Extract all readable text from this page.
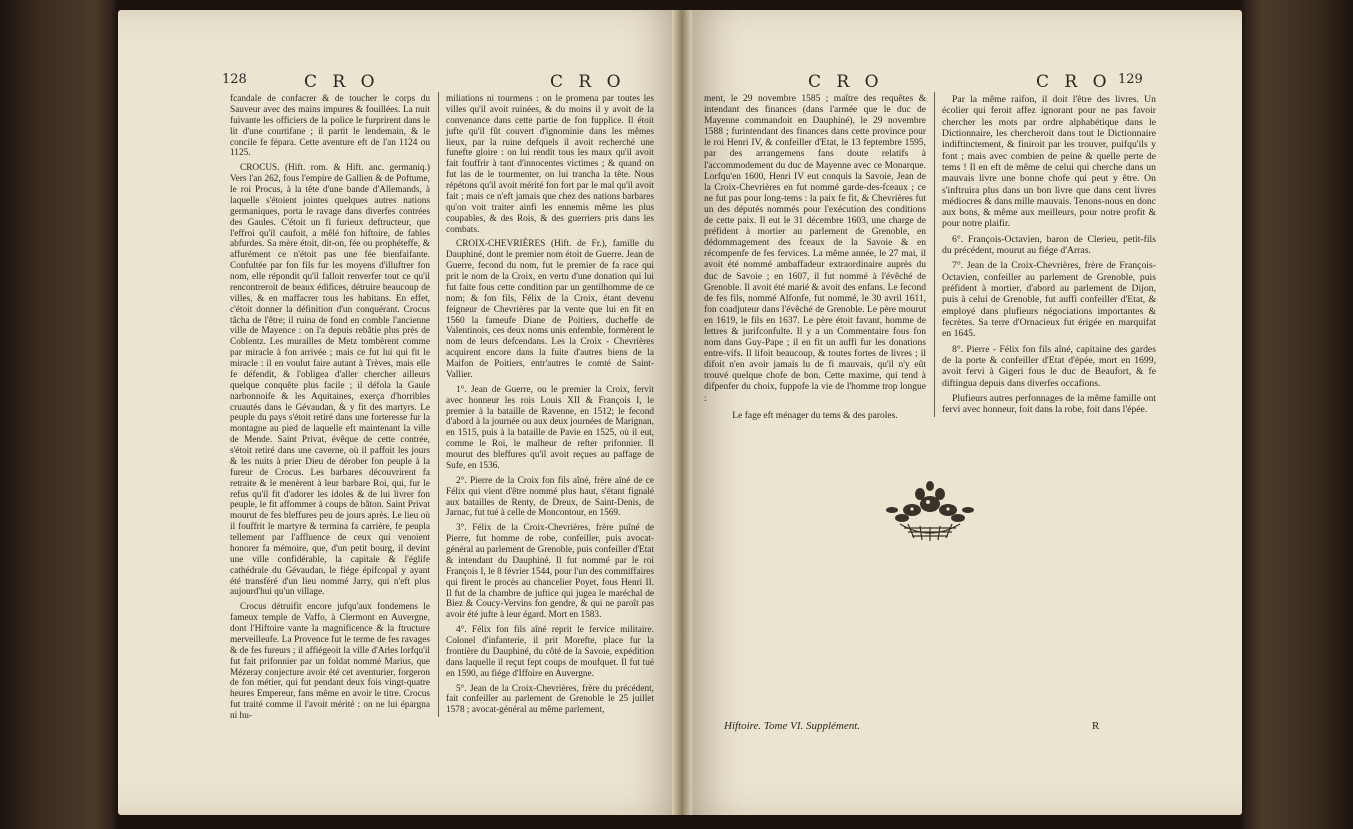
128	C R O	C R O

fcandale de confacrer & de toucher le corps du Sauveur avec des mains impures & fouillées. La nuit fuivante les officiers de la police le furprirent dans le lit d'une courtifane ; il partit le lendemain, & le concile fe fépara. Cette aventure eft de l'an 1124 ou 1125.

CROCUS. (Hift. rom. & Hift. anc. germaniq.) Vers l'an 262, fous l'empire de Gallien & de Poftume, le roi Procus, à la tête d'une bande d'Allemands, à laquelle s'étoient jointes quelques autres nations germaniques, porta le ravage dans diverfes contrées des Gaules. C'étoit un fi furieux deftructeur, que l'effroi qu'il caufoit, a mêlé fon hiftoire, de fables abfurdes. Sa mère étoit, dit-on, fée ou prophéteffe, & affurément ce n'étoit pas une fée bienfaifante. Confultée par fon fils fur les moyens d'illuftrer fon nom, elle répondit qu'il falloit renverfer tout ce qu'il rencontreroit de beaux édifices, détruire beaucoup de villes, & en maffacrer tous les habitans. En effet, c'étoit donner la définition d'un conquérant. Crocus tâcha de l'être; il ruina de fond en comble l'ancienne ville de Mayence : on l'a depuis rebâtie plus près de Coblentz. Les murailles de Metz tombèrent comme par miracle à fon arrivée ; mais ce fut lui qui fit le miracle : il en voulut faire autant à Trèves, mais elle fe défendit, & l'obligea d'aller chercher ailleurs quelque conquête plus facile ; il défola la Gaule narbonnoife & les Aquitaines, exerça d'horribles cruautés dans le Gévaudan, & y fit des martyrs. Le peuple du pays s'étoit retiré dans une forteresse fur la montagne au pied de laquelle eft maintenant la ville de Mende. Saint Privat, évêque de cette contrée, s'étoit retiré dans une caverne, où il paffoit les jours & les nuits à prier Dieu de dérober fon peuple à la fureur de Crocus. Les barbares découvrirent fa retraite & le menèrent à leur barbare Roi, qui, fur le refus qu'il fit d'adorer les idoles & de lui livrer fon peuple, le fit affommer à coups de bâton. Saint Privat mourut de fes bleffures peu de jours après. Le lieu où il fouffrit le martyre & termina fa carrière, fe peupla tellement par l'affluence de ceux qui venoient honorer fa mémoire, que, d'un petit bourg, il devint une ville confidérable, la capitale & l'églife cathédrale du Gévaudan, le fiége épifcopal y ayant été transféré d'un lieu nommé Jarry, qui n'eft plus aujourd'hui qu'un village.

Crocus détruifit encore jufqu'aux fondemens le fameux temple de Vaffo, à Clermont en Auvergne, dont l'Hiftoire vante la magnificence & la ftructure merveilleufe. La Provence fut le terme de fes ravages & de fes fureurs ; il affiégeoit la ville d'Arles lorfqu'il fut fait prifonnier par un foldat nommé Marius, que Mézeray conjecture avoir été cet aventurier, forgeron de fon métier, qui fut pendant deux fois vingt-quatre heures Empereur, fans même en avoir le titre. Crocus fut traité comme il l'avoit mérité : on ne lui épargna ni hu-

miliations ni tourmens : on le promena par toutes les villes qu'il avoit ruinées, & du moins il y avoit de la convenance dans cette partie de fon fupplice. Il étoit jufte qu'il fût couvert d'ignominie dans les mêmes lieux, par la ruine defquels il avoit recherché une funefte gloire : on lui rendit tous les maux qu'il avoit fait fouffrir à tant d'innocentes victimes ; & quand on fut las de le tourmenter, on lui trancha la tête. Nous répétons qu'il avoit mérité fon fort par le mal qu'il avoit fait ; mais ce n'eft jamais que chez des nations barbares qu'on voit traiter ainfi les ennemis même les plus coupables, & des Rois, & des guerriers pris dans les combats.

CROIX-CHEVRIÈRES (Hift. de Fr.), famille du Dauphiné, dont le premier nom étoit de Guerre. Jean de Guerre, fecond du nom, fut le premier de fa race qui prit le nom de la Croix, en vertu d'une donation qui lui fut faite fous cette condition par un gentilhomme de ce nom; & fon fils, Félix de la Croix, étant devenu feigneur de Chevrières par la vente que lui en fit en 1560 la fameufe Diane de Poitiers, ducheffe de Valentinois, ces deux noms unis enfemble, formèrent le nom de leurs defcendans. Les la Croix - Chevrières acquirent encore dans la fuite d'autres biens de la Maifon de Poitiers, entr'autres le comté de Saint-Vallier.

1°. Jean de Guerre, ou le premier la Croix, fervit avec honneur les rois Louis XII & François I, le premier à la bataille de Ravenne, en 1512; le fecond d'abord à la journée ou aux deux journées de Marignan, en 1515, puis à la bataille de Pavie en 1525, où il eut, comme le Roi, le malheur de refter prifonnier. Il mourut des bleffures qu'il avoit reçues au paffage de Sufe, en 1536.

2°. Pierre de la Croix fon fils aîné, frère aîné de ce Félix qui vient d'être nommé plus haut, s'étant fignalé aux batailles de Renty, de Dreux, de Saint-Denis, de Jarnac, fut tué à celle de Moncontour, en 1569.

3°. Félix de la Croix-Chevrières, frère puîné de Pierre, fut homme de robe, confeiller, puis avocat-général au parlement de Grenoble, puis confeiller d'Etat & intendant du Dauphiné. Il fut nommé par le roi François I, le 8 février 1544, pour l'un des commiffaires qui firent le procès au chancelier Poyet, fous Henri II. Il fut de la chambre de juftice qui jugea le maréchal de Biez & Coucy-Vervins fon gendre, & qui ne paroît pas avoir été jufte à leur égard. Mort en 1583.

4°. Félix fon fils aîné reprit le fervice militaire. Colonel d'infanterie, il prit Morefte, place fur la frontière du Dauphiné, du côté de la Savoie, expédition dans laquelle il reçut fept coups de moufquet. Il fut tué en 1590, au fiége d'Iffoire en Auvergne.

5°. Jean de la Croix-Chevrières, frère du précédent, fait confeiller au parlement de Grenoble le 25 juillet 1578 ; avocat-général au même parlement,

C R O	C R O 129

ment, le 29 novembre 1585 ; maître des requêtes & intendant des finances (dans l'armée que le duc de Mayenne commandoit en Dauphiné), le 29 novembre 1588 ; furintendant des finances dans cette province pour le roi Henri IV, & confeiller d'Etat, le 13 feptembre 1595, par des arrangemens fans doute relatifs à l'accommodement du duc de Mayenne avec ce Monarque. Lorfqu'en 1600, Henri IV eut conquis la Savoie, Jean de la Croix-Chevrières en fut nommé garde-des-fceaux ; ce ne fut pas pour long-tems : la paix fe fit, & Chevrières fut un des députés nommés pour l'exécution des conditions de cette paix. Il eut le 31 décembre 1603, une charge de préfident à mortier au parlement de Grenoble, en dédommagement des fceaux de la Savoie & en récompenfe de fes fervices. La même année, le 27 mai, il avoit été nommé ambaffadeur extraordinaire auprès du duc de Savoie ; en 1607, il fut nommé à l'évêché de Grenoble. Il avoit été marié & avoit des enfans. Le fecond de fes fils, nommé Alfonfe, fut nommé, le 30 avril 1611, fon coadjuteur dans l'évêché de Grenoble. Le père mourut en 1619, le fils en 1637. Le père étoit favant, homme de lettres & jurifconfulte. Il y a un Commentaire fous fon nom dans Guy-Pape ; il en fit un auffi fur les donations entre-vifs. Il lifoit beaucoup, & toutes fortes de livres ; il difoit n'en avoir jamais lu de fi mauvais, qu'il n'y eût trouvé quelque chofe de bon. Cette maxime, qui tend à difpenfer du choix, fuppofe la vie de l'homme trop longue :

Le fage eft ménager du tems & des paroles.

Par la même raifon, il doit l'être des livres. Un écolier qui feroit affez ignorant pour ne pas favoir chercher les mots par ordre alphabétique dans le Dictionnaire, les chercheroit dans tout le Dictionnaire indiftinctement, & finiroit par les trouver, puifqu'ils y font ; mais avec combien de peine & quelle perte de tems ! Il en eft de même de celui qui cherche dans un mauvais livre une bonne chofe qui peut y être. On s'inftruira plus dans un bon livre que dans cent livres médiocres & dans mille mauvais. Tenons-nous en donc aux bons, & même aux meilleurs, pour notre profit & pour notre plaifir.

6°. François-Octavien, baron de Clerieu, petit-fils du précédent, mourut au fiége d'Arras.

7°. Jean de la Croix-Chevrières, frère de François-Octavien, confeiller au parlement de Grenoble, puis préfident à mortier, d'abord au parlement de Dijon, puis à celui de Grenoble, fut auffi confeiller d'Etat, & employé dans plufieurs négociations importantes & fecrètes. Sa terre d'Ornacieux fut érigée en marquifat en 1645.

8°. Pierre - Félix fon fils aîné, capitaine des gardes de la porte & confeiller d'Etat d'épée, mort en 1699, avoit fervi à Gigeri fous le duc de Beaufort, & fe diftingua depuis dans diverfes occafions.

Plufieurs autres perfonnages de la même famille ont fervi avec honneur, foit dans la robe, foit dans l'épée.

Hiftoire. Tome VI. Supplément.	R
